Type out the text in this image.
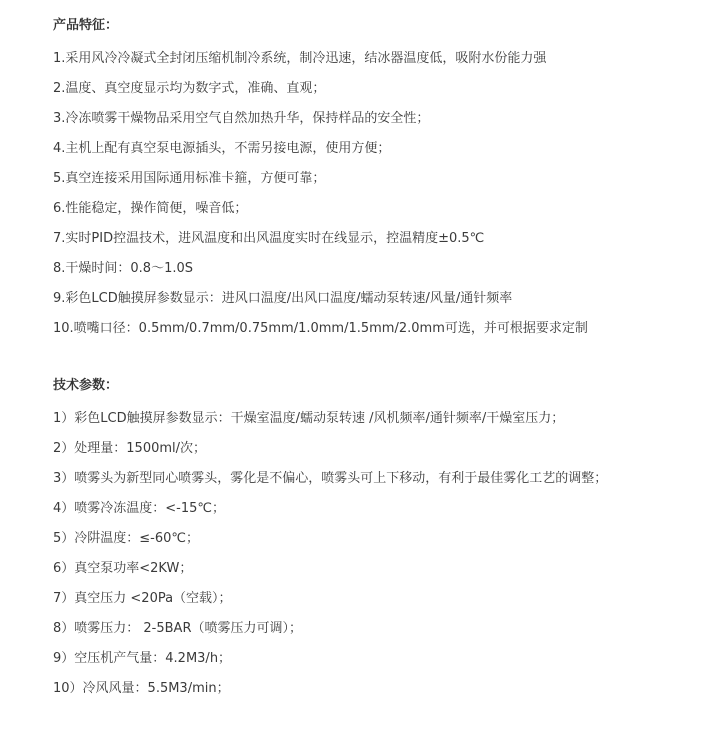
产品特征：
1.采用风冷冷凝式全封闭压缩机制冷系统，制冷迅速，结冰器温度低，吸附水份能力强
2.温度、真空度显示均为数字式，准确、直观；
3.冷冻喷雾干燥物品采用空气自然加热升华，保持样品的安全性；
4.主机上配有真空泵电源插头，不需另接电源，使用方便；
5.真空连接采用国际通用标准卡箍，方便可靠；
6.性能稳定，操作简便，噪音低；
7.实时PID控温技术，进风温度和出风温度实时在线显示，控温精度±0.5℃
8.干燥时间：0.8～1.0S
9.彩色LCD触摸屏参数显示：进风口温度/出风口温度/蠕动泵转速/风量/通针频率
10.喷嘴口径：0.5mm/0.7mm/0.75mm/1.0mm/1.5mm/2.0mm可选，并可根据要求定制
技术参数：
1）彩色LCD触摸屏参数显示：干燥室温度/蠕动泵转速 /风机频率/通针频率/干燥室压力；
2）处理量：1500ml/次；
3）喷雾头为新型同心喷雾头，雾化是不偏心，喷雾头可上下移动，有利于最佳雾化工艺的调整；
4）喷雾冷冻温度：<-15℃；
5）冷阱温度：≤-60℃；
6）真空泵功率<2KW；
7）真空压力 <20Pa（空载）；
8）喷雾压力： 2-5BAR（喷雾压力可调）；
9）空压机产气量：4.2M3/h；
10）冷风风量：5.5M3/min；
